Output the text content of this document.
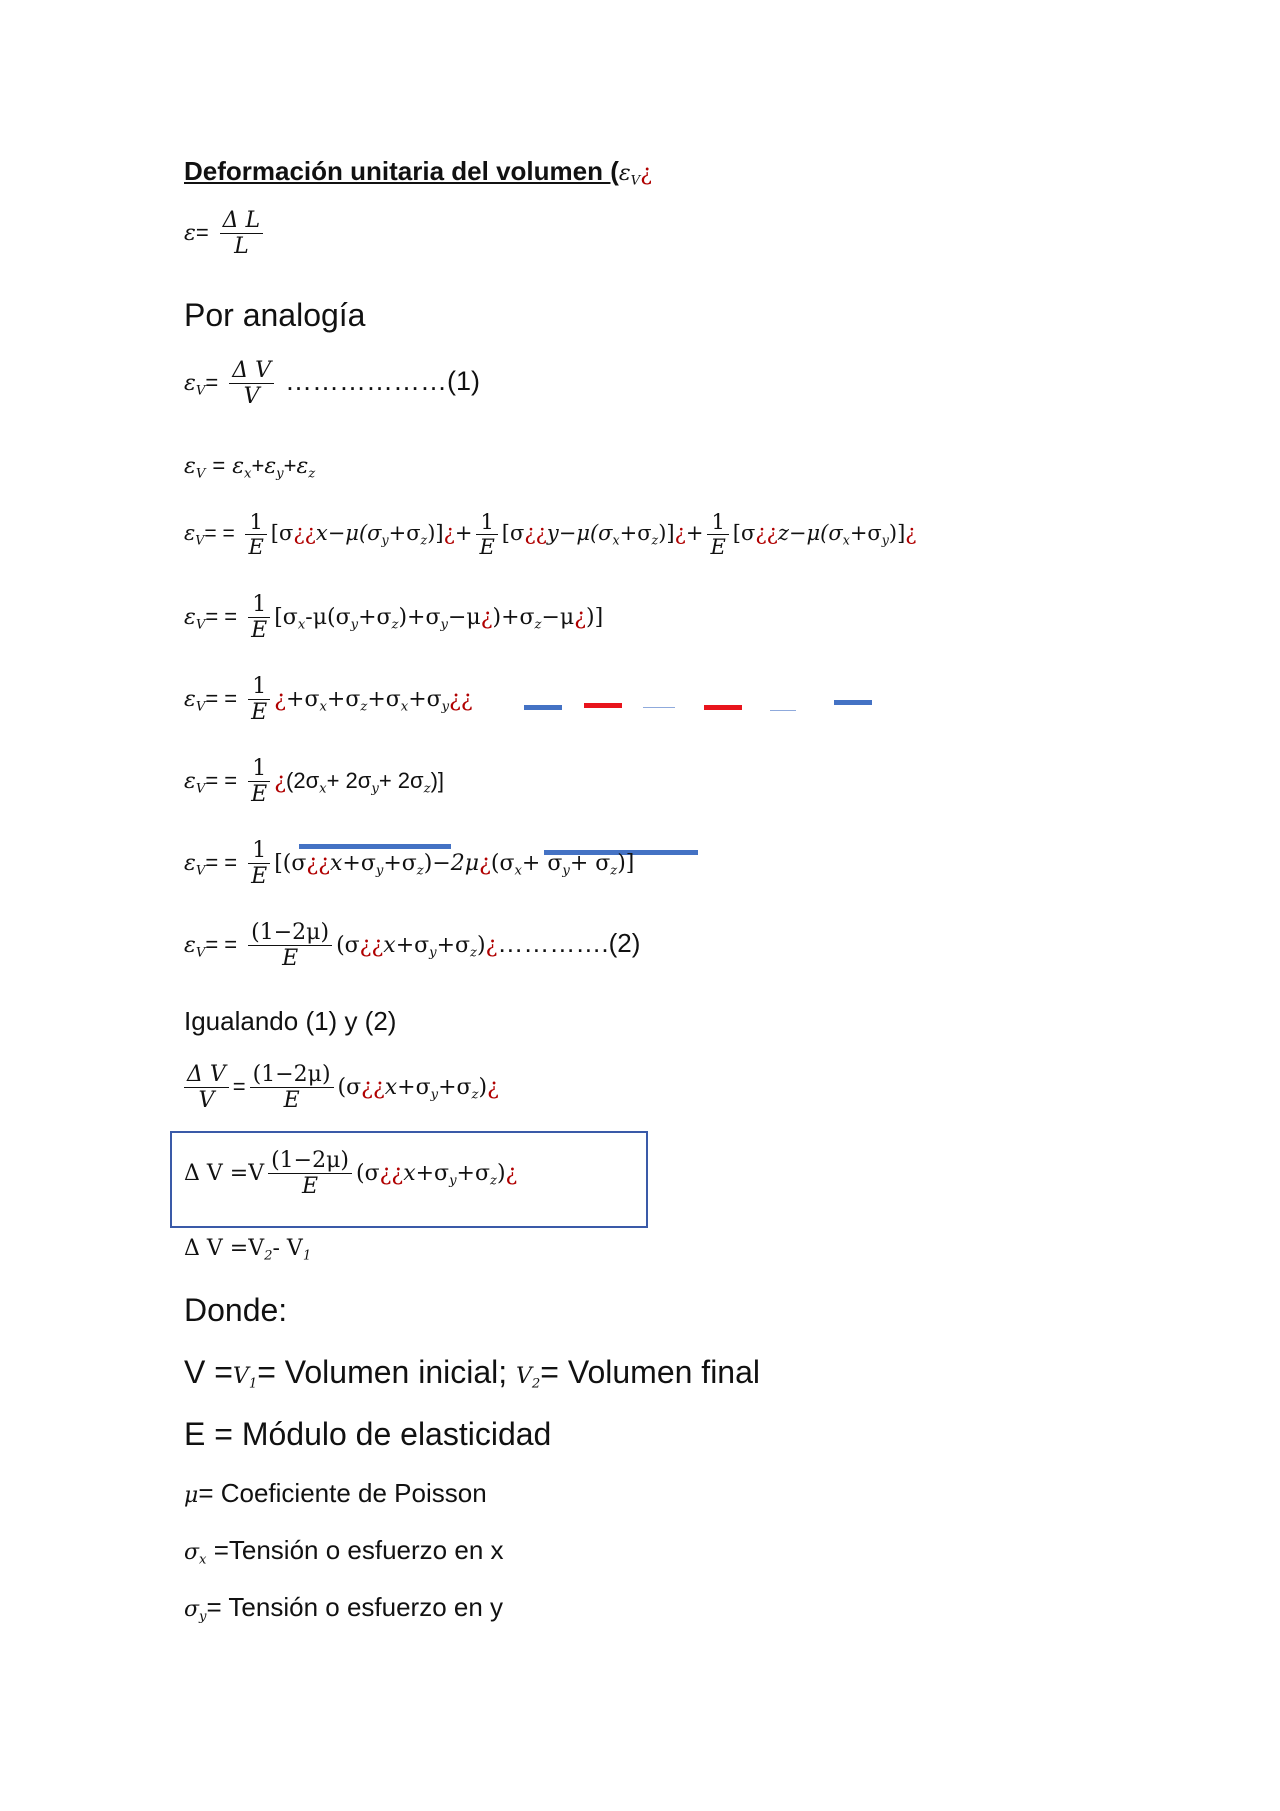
Deformación unitaria del volumen ($\varepsilon_V¿$
$\varepsilon= \frac{\text{Δ L}}{L}$
Por analogía
$\varepsilon_V= \frac{\text{Δ V}}{V}$ ………………(1)
$\varepsilon_V = \varepsilon_x+\varepsilon_y+\varepsilon_z$
$\varepsilon_V= = \frac{1}{E}$ $[\sigma¿¿x-\mu(\sigma_y+\sigma_z)]¿+ \frac{1}{E}$ $[\sigma¿¿y-\mu(\sigma_x+\sigma_z)]¿+ \frac{1}{E}$ $[\sigma¿¿z-\mu(\sigma_x+\sigma_y)]¿$
$\varepsilon_V= = \frac{1}{E}$ $[\sigma_x-\mu(\sigma_y+\sigma_z)+\sigma_y-\mu¿)+\sigma_z-\mu¿$)]
$\varepsilon_V= = \frac{1}{E}$ ¿$+\sigma_x+\sigma_z+\sigma_x+\sigma_y¿¿$
$\varepsilon_V= = \frac{1}{E}$ ¿$(2\sigma_x+ 2\sigma_y+ 2\sigma_z)$]
$\varepsilon_V= = \frac{1}{E}$ $[(\sigma¿¿x+\sigma_y+\sigma_z)-2\mu¿(\sigma_x+ \sigma_y+ \sigma_z)]$
$\varepsilon_V= = \frac{(1-2\mu)}{E}$ $(\sigma¿¿x+\sigma_y+\sigma_z)¿\dots\dots\dots\dots.(2)$
Igualando (1) y (2)
$\frac{\text{Δ V}}{V} = \frac{(1-2\mu)}{E}$ $(\sigma¿¿x+\sigma_y+\sigma_z)¿$
Δ $V =V \frac{(1-2\mu)}{E}$ $(\sigma¿¿x+\sigma_y+\sigma_z)¿$
Δ $V =V_2-$ $V_1$
Donde:
$V =V_1=$ Volumen inicial; $V_2=$ Volumen final
E = Módulo de elasticidad
μ= Coeficiente de Poisson
$\sigma_x$ =Tensión o esfuerzo en x
$\sigma_y=$ Tensión o esfuerzo en y
